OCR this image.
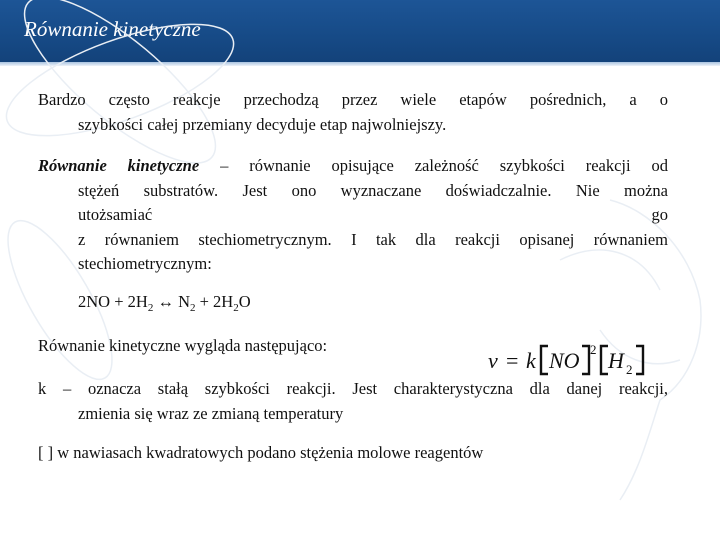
Równanie kinetyczne
Bardzo często reakcje przechodzą przez wiele etapów pośrednich, a o
szybkości całej przemiany decyduje etap najwolniejszy.
Równanie kinetyczne – równanie opisujące zależność szybkości reakcji od
stężeń substratów. Jest ono wyznaczane doświadczalnie. Nie można
utożsamiać	go
z równaniem stechiometrycznym. I tak dla reakcji opisanej równaniem
stechiometrycznym:
$2NO + 2H_2$ ↔ $N_2 + 2H_2O$
Równanie kinetyczne wygląda następująco:
v = k NO 2 H 2
k – oznacza stałą szybkości reakcji. Jest charakterystyczna dla danej reakcji,
zmienia się wraz ze zmianą temperatury
[ ] w nawiasach kwadratowych podano stężenia molowe reagentów
